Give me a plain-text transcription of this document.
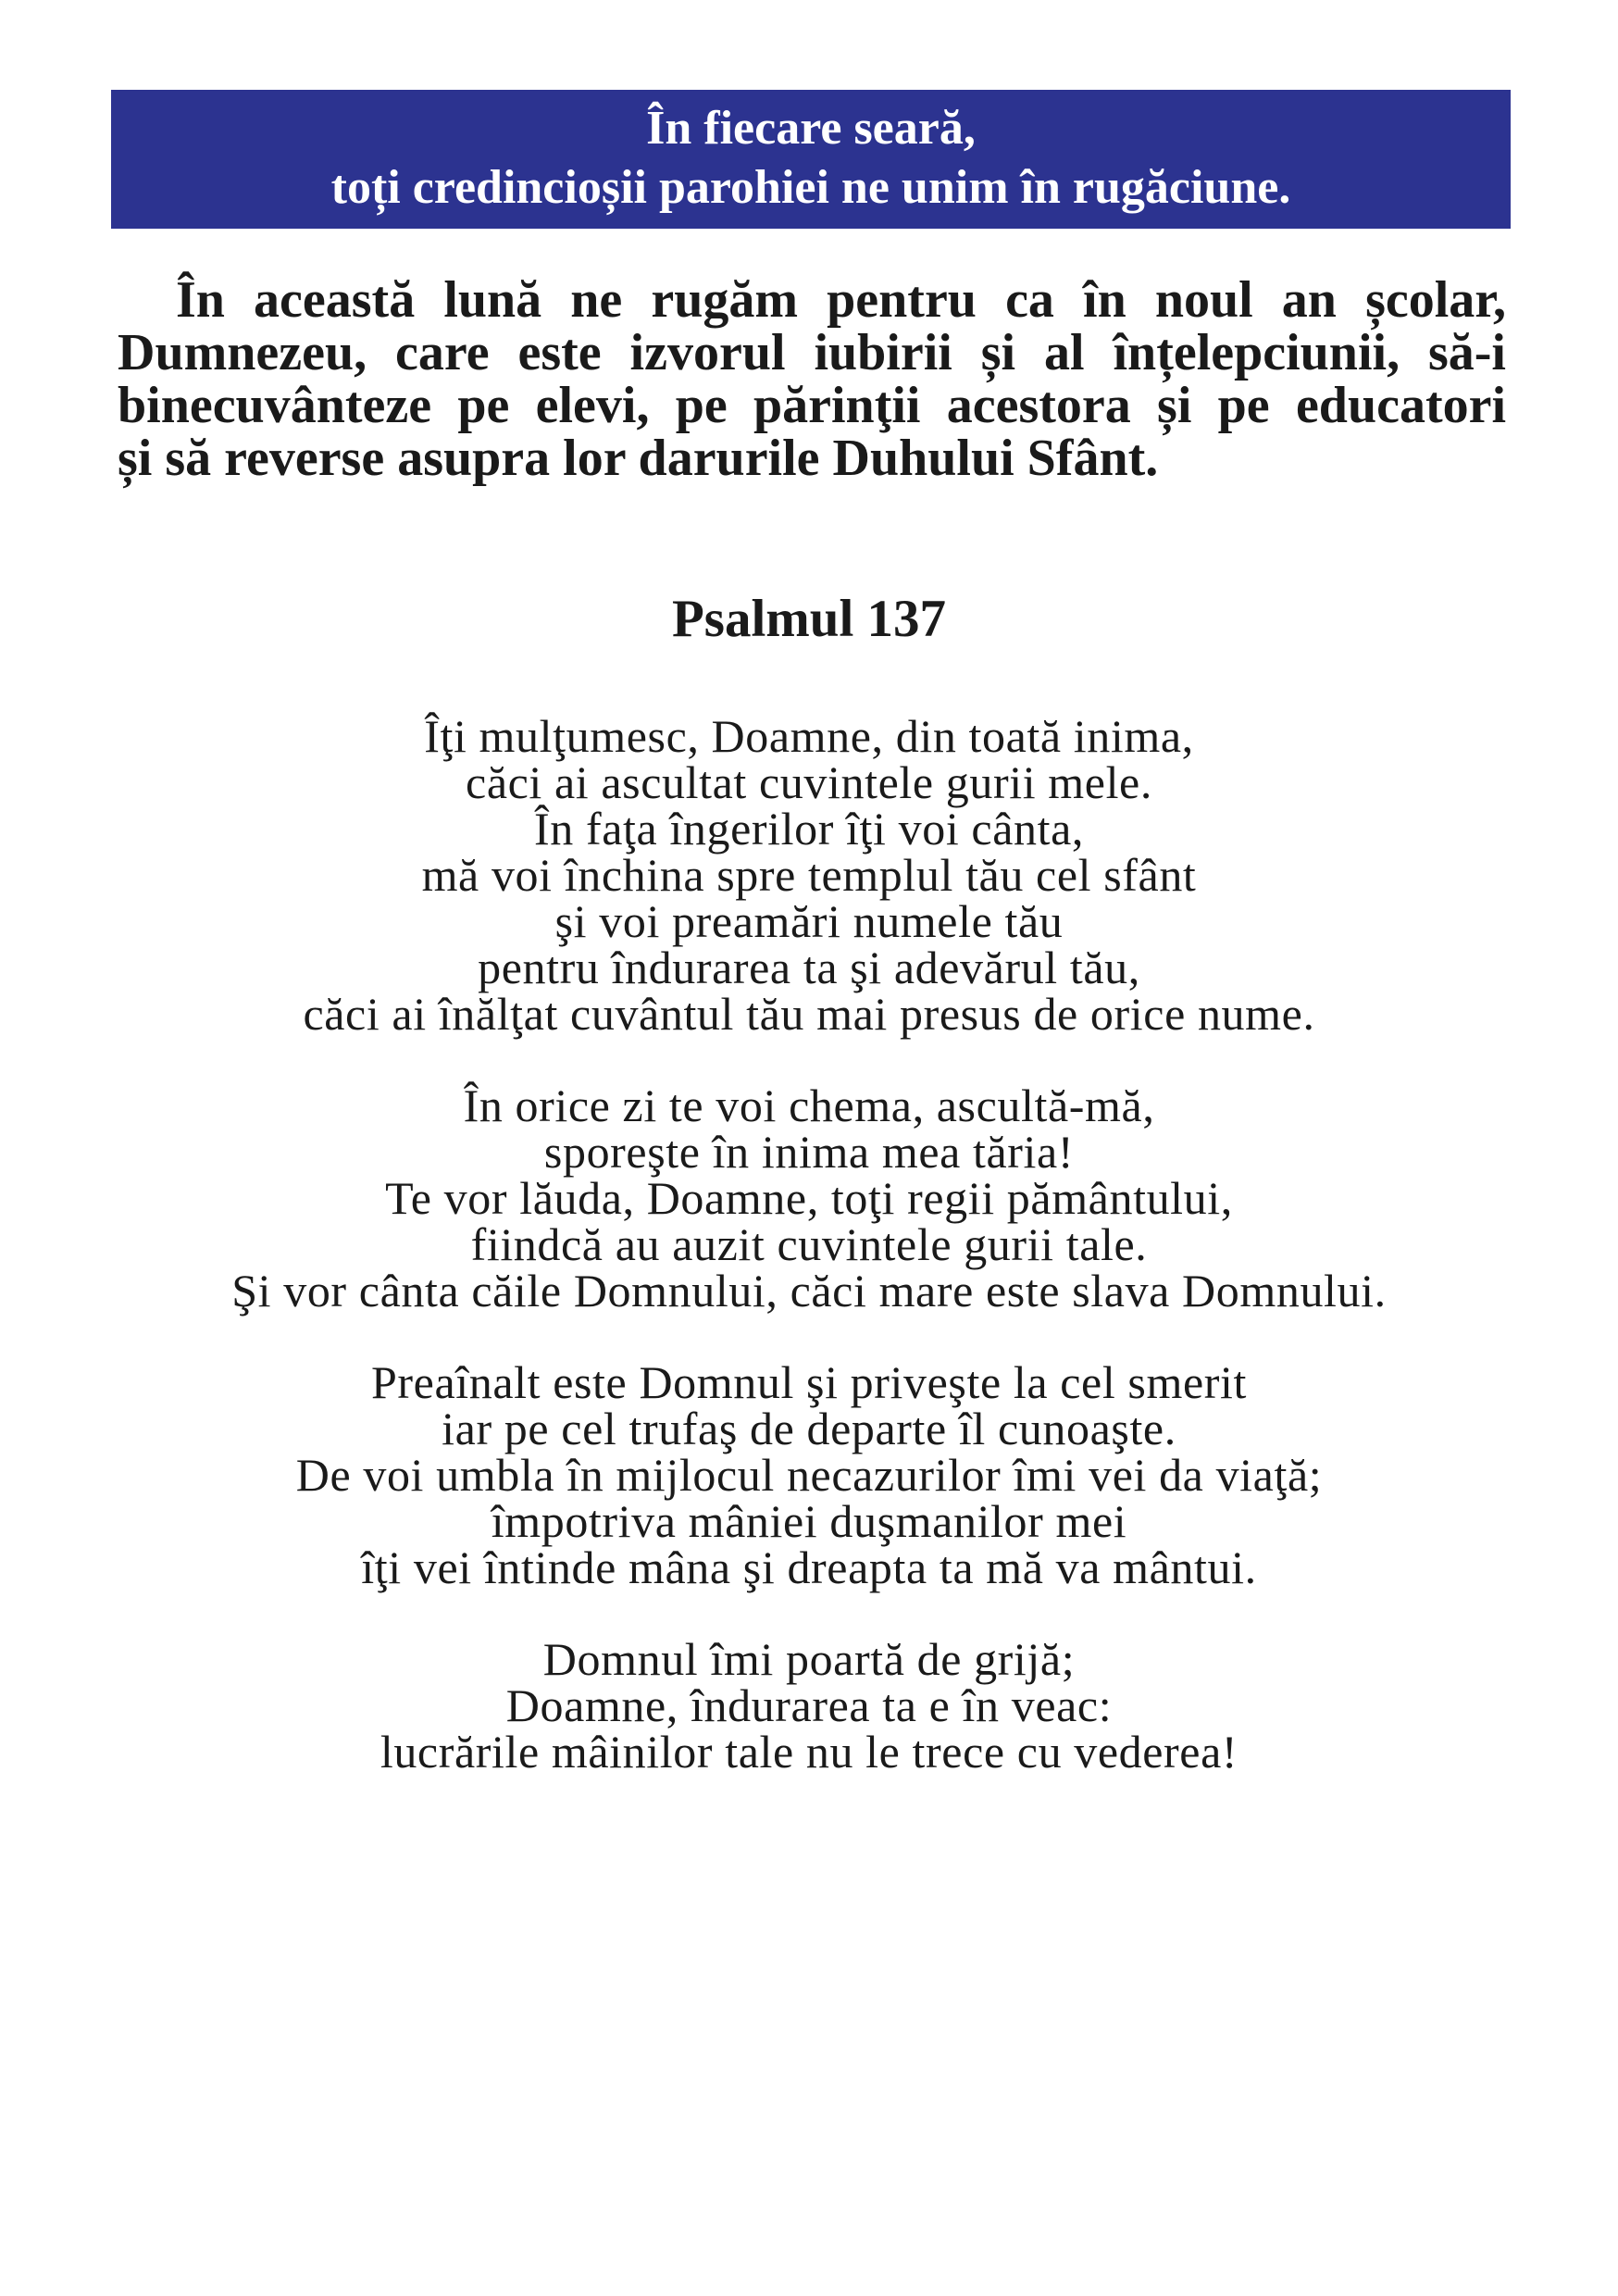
În fiecare seară,
toți credincioșii parohiei ne unim în rugăciune.
În această lună ne rugăm pentru ca în noul an școlar,
Dumnezeu, care este izvorul iubirii și al înțelepciunii, să-i
binecuvânteze pe elevi, pe părinţii acestora și pe educatori
și să reverse asupra lor darurile Duhului Sfânt.
Psalmul 137
Îţi mulţumesc, Doamne, din toată inima,
căci ai ascultat cuvintele gurii mele.
În faţa îngerilor îţi voi cânta,
mă voi închina spre templul tău cel sfânt
şi voi preamări numele tău
pentru îndurarea ta şi adevărul tău,
căci ai înălţat cuvântul tău mai presus de orice nume.
În orice zi te voi chema, ascultă-mă,
sporeşte în inima mea tăria!
Te vor lăuda, Doamne, toţi regii pământului,
fiindcă au auzit cuvintele gurii tale.
Şi vor cânta căile Domnului, căci mare este slava Domnului.
Preaînalt este Domnul şi priveşte la cel smerit
iar pe cel trufaş de departe îl cunoaşte.
De voi umbla în mijlocul necazurilor îmi vei da viaţă;
împotriva mâniei duşmanilor mei
îţi vei întinde mâna şi dreapta ta mă va mântui.
Domnul îmi poartă de grijă;
Doamne, îndurarea ta e în veac:
lucrările mâinilor tale nu le trece cu vederea!
